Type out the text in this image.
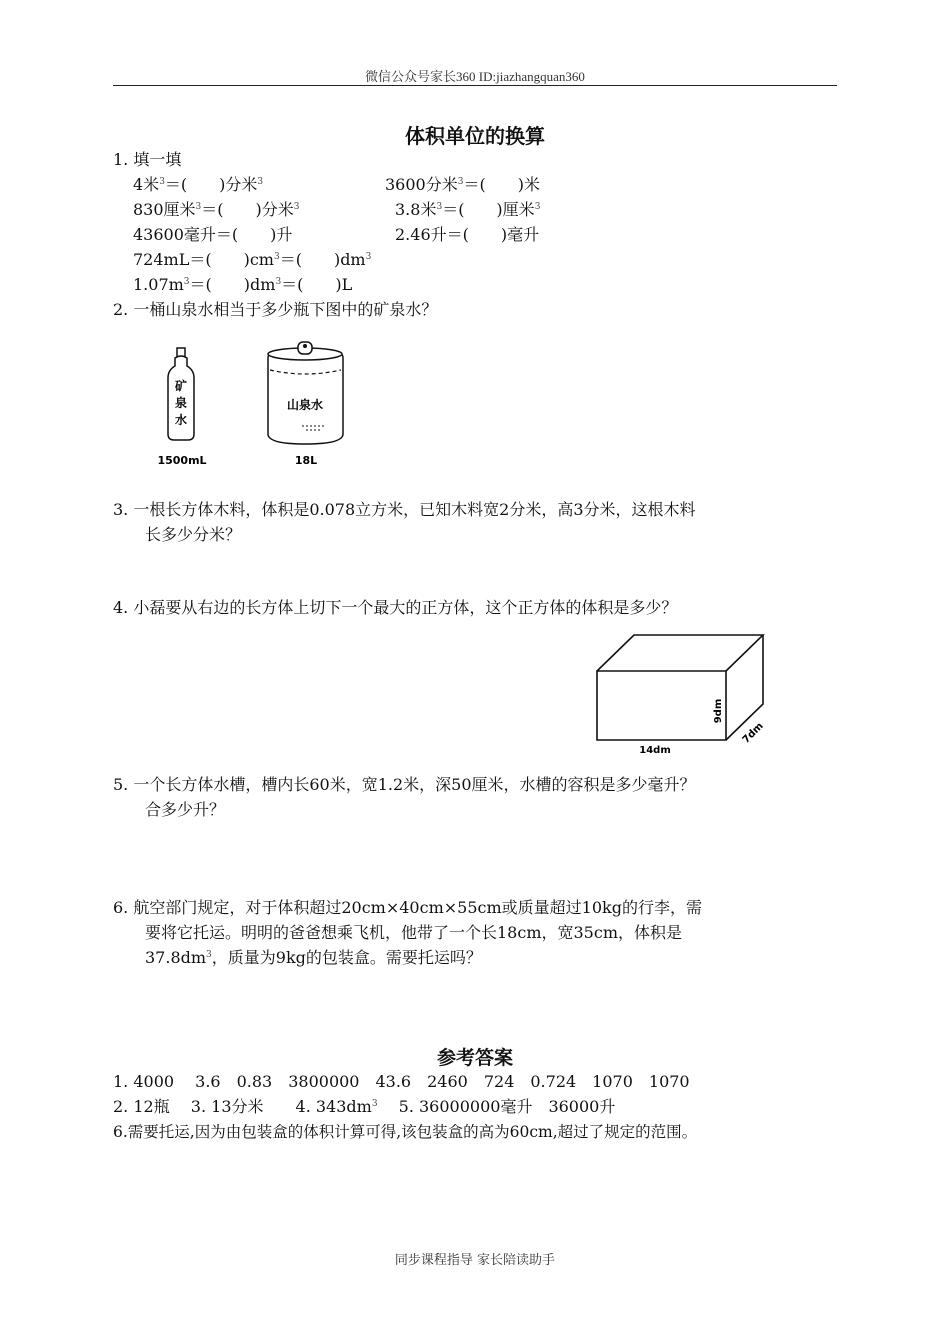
微信公众号家长360 ID:jiazhangquan360
体积单位的换算
1. 填一填
4米$^3$＝(　　)分米$^3$	3600分米$^3$＝(　　)米
830厘米$^3$＝(　　)分米$^3$	3.8米$^3$＝(　　)厘米$^3$
43600毫升＝(　　)升	2.46升＝(　　)毫升
724mL＝(　　)$cm^3=$(　　)$dm^3$
$1.07m^3=$(　　)$dm^3=$(　　)L
2. 一桶山泉水相当于多少瓶下图中的矿泉水？
矿
泉
水
1500mL
山泉水
18L
3. 一根长方体木料，体积是0.078立方米，已知木料宽2分米，高3分米，这根木料
长多少分米？
4. 小磊要从右边的长方体上切下一个最大的正方体，这个正方体的体积是多少？
14dm
9dm
7dm
5. 一个长方体水槽，槽内长60米，宽1.2米，深50厘米，水槽的容积是多少毫升？
合多少升？
6. 航空部门规定，对于体积超过20cm×40cm×55cm或质量超过10kg的行李，需
要将它托运。明明的爸爸想乘飞机，他带了一个长18cm，宽35cm，体积是
$37.8dm^3$，质量为9kg的包装盒。需要托运吗？
参考答案
1. 4000　 3.6　0.83　3800000　43.6　2460　724　0.724　1070　1070
2. 12瓶　 3. 13分米　　4. $343dm^3$　 5. 36000000毫升　36000升
6.需要托运,因为由包装盒的体积计算可得,该包装盒的高为60cm,超过了规定的范围。
同步课程指导 家长陪读助手
